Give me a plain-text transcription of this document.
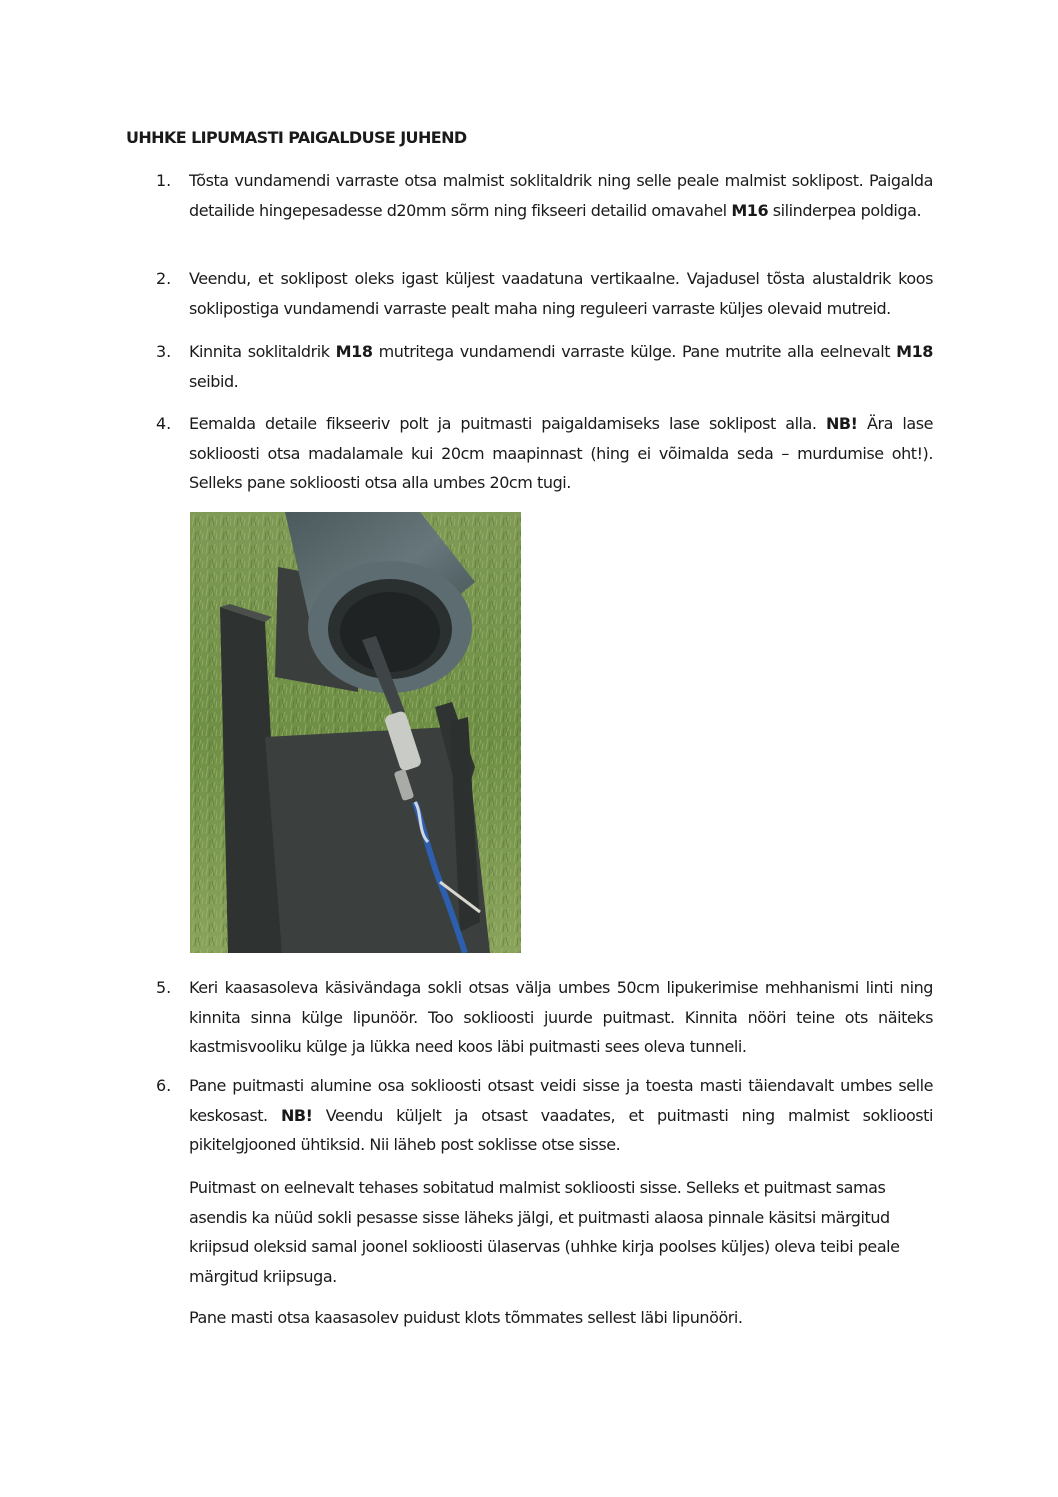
UHHKE LIPUMASTI PAIGALDUSE JUHEND
1.	Tõsta vundamendi varraste otsa malmist soklitaldrik ning selle peale malmist soklipost. Paigalda detailide hingepesadesse d20mm sõrm ning fikseeri detailid omavahel M16 silinderpea poldiga.
2.	Veendu, et soklipost oleks igast küljest vaadatuna vertikaalne. Vajadusel tõsta alustaldrik koos soklipostiga vundamendi varraste pealt maha ning reguleeri varraste küljes olevaid mutreid.
3.	Kinnita soklitaldrik M18 mutritega vundamendi varraste külge. Pane mutrite alla eelnevalt M18 seibid.
4.	Eemalda detaile fikseeriv polt ja puitmasti paigaldamiseks lase soklipost alla. NB! Ära lase soklioosti otsa madalamale kui 20cm maapinnast (hing ei võimalda seda – murdumise oht!). Selleks pane soklioosti otsa alla umbes 20cm tugi.
5.	Keri kaasasoleva käsivändaga sokli otsas välja umbes 50cm lipukerimise mehhanismi linti ning kinnita sinna külge lipunöör. Too soklioosti juurde puitmast. Kinnita nööri teine ots näiteks kastmisvooliku külge ja lükka need koos läbi puitmasti sees oleva tunneli.
6.	Pane puitmasti alumine osa soklioosti otsast veidi sisse ja toesta masti täiendavalt umbes selle keskosast. NB! Veendu küljelt ja otsast vaadates, et puitmasti ning malmist soklioosti pikitelgjooned ühtiksid. Nii läheb post soklisse otse sisse.
Puitmast on eelnevalt tehases sobitatud malmist soklioosti sisse. Selleks et puitmast samas asendis ka nüüd sokli pesasse sisse läheks jälgi, et puitmasti alaosa pinnale käsitsi märgitud kriipsud oleksid samal joonel soklioosti ülaservas (uhhke kirja poolses küljes) oleva teibi peale märgitud kriipsuga.
Pane masti otsa kaasasolev puidust klots tõmmates sellest läbi lipunööri.
